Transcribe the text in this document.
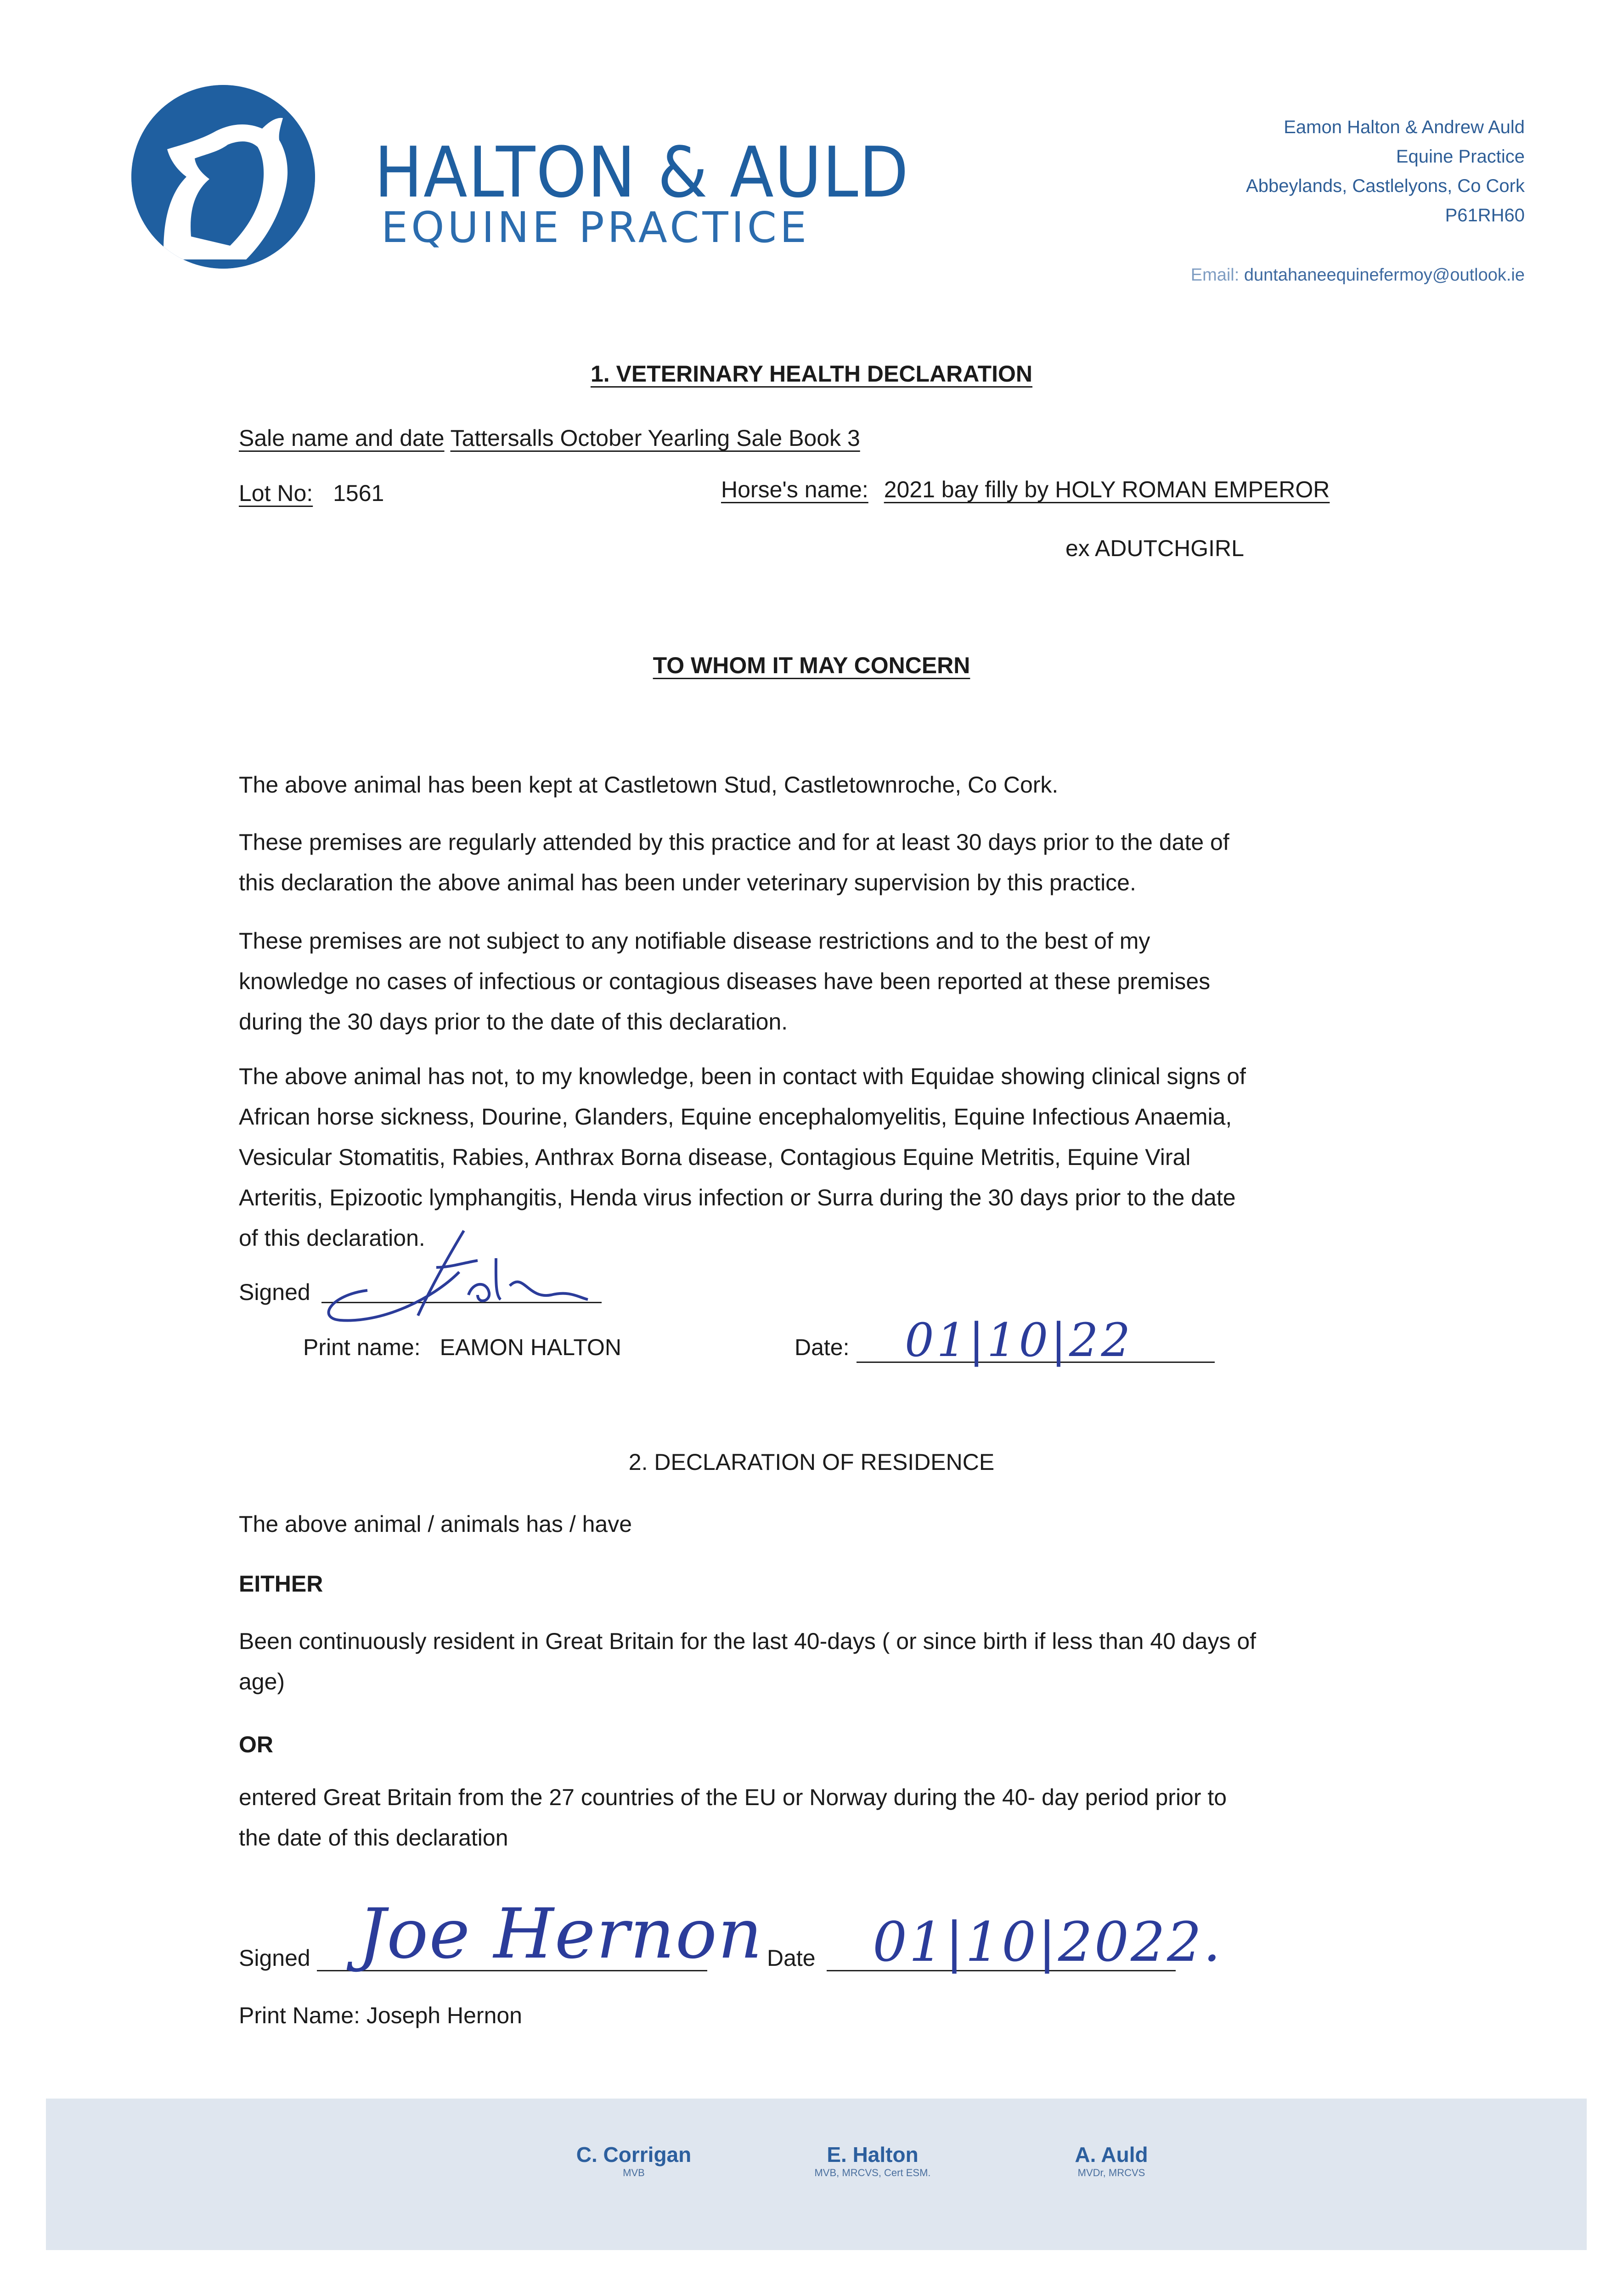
HALTON & AULD
EQUINE PRACTICE
Eamon Halton & Andrew Auld
Equine Practice
Abbeylands, Castlelyons, Co Cork
P61RH60
Email: duntahaneequinefermoy@outlook.ie
1. VETERINARY HEALTH DECLARATION
Sale name and date Tattersalls October Yearling Sale Book 3
Lot No: 1561	Horse's name: 2021 bay filly by HOLY ROMAN EMPEROR
ex ADUTCHGIRL
TO WHOM IT MAY CONCERN
The above animal has been kept at Castletown Stud, Castletownroche, Co Cork.
These premises are regularly attended by this practice and for at least 30 days prior to the date of
this declaration the above animal has been under veterinary supervision by this practice.
These premises are not subject to any notifiable disease restrictions and to the best of my
knowledge no cases of infectious or contagious diseases have been reported at these premises
during the 30 days prior to the date of this declaration.
The above animal has not, to my knowledge, been in contact with Equidae showing clinical signs of
African horse sickness, Dourine, Glanders, Equine encephalomyelitis, Equine Infectious Anaemia,
Vesicular Stomatitis, Rabies, Anthrax Borna disease, Contagious Equine Metritis, Equine Viral
Arteritis, Epizootic lymphangitis, Henda virus infection or Surra during the 30 days prior to the date
of this declaration.
Signed
Print name: EAMON HALTON	Date: 01|10|22
2. DECLARATION OF RESIDENCE
The above animal / animals has / have
EITHER
Been continuously resident in Great Britain for the last 40-days ( or since birth if less than 40 days of
age)
OR
entered Great Britain from the 27 countries of the EU or Norway during the 40- day period prior to
the date of this declaration
Signed Joe Hernon Date 01|10|2022.
Print Name: Joseph Hernon
C. Corrigan
MVB
E. Halton
MVB, MRCVS, Cert ESM.
A. Auld
MVDr, MRCVS
